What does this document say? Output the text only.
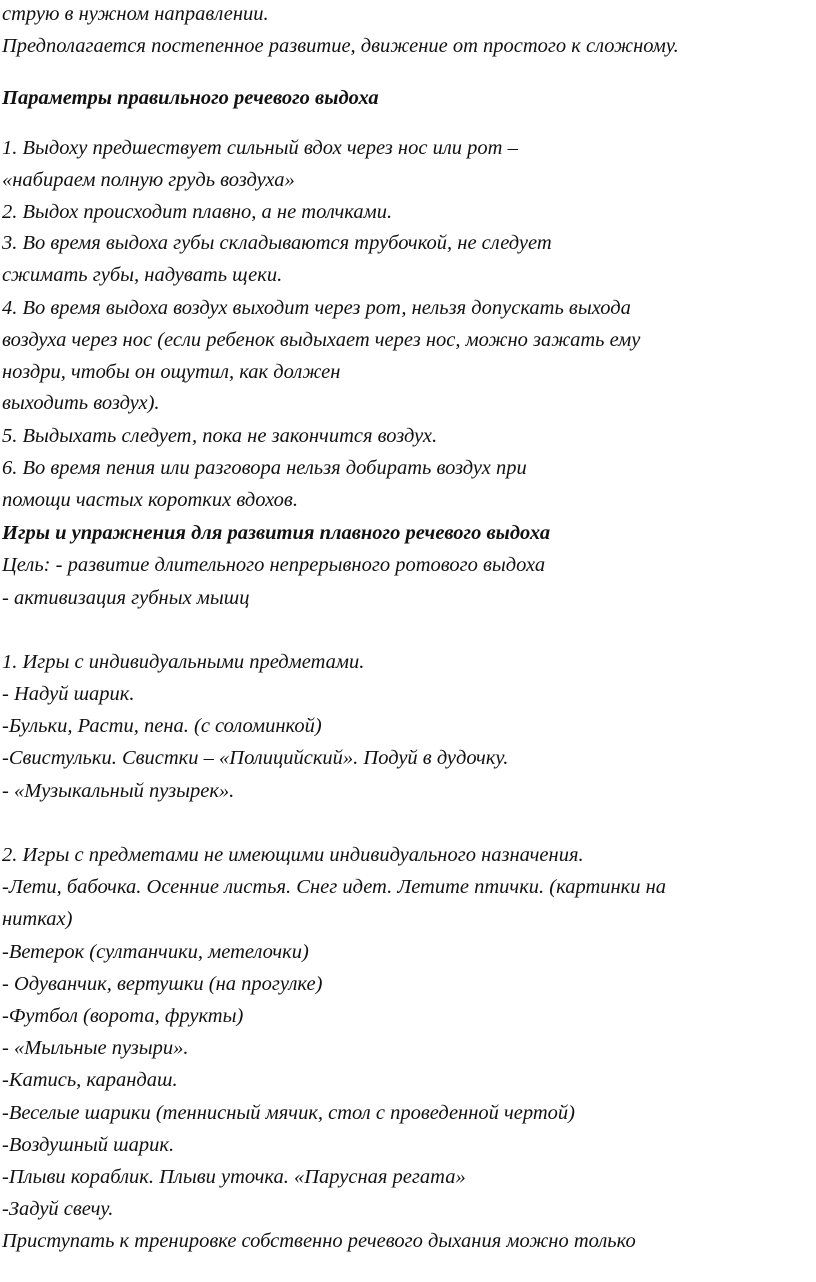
струю в нужном направлении.
Предполагается постепенное развитие, движение от простого к сложному.
Параметры правильного речевого выдоха
1. Выдоху предшествует сильный вдох через нос или рот –
«набираем полную грудь воздуха»
2. Выдох происходит плавно, а не толчками.
3. Во время выдоха губы складываются трубочкой, не следует
сжимать губы, надувать щеки.
4. Во время выдоха воздух выходит через рот, нельзя допускать выхода
воздуха через нос (если ребенок выдыхает через нос, можно зажать ему
ноздри, чтобы он ощутил, как должен
выходить воздух).
5. Выдыхать следует, пока не закончится воздух.
6. Во время пения или разговора нельзя добирать воздух при
помощи частых коротких вдохов.
Игры и упражнения для развития плавного речевого выдоха
Цель: - развитие длительного непрерывного ротового выдоха
- активизация губных мышц
1. Игры с индивидуальными предметами.
- Надуй шарик.
-Бульки, Расти, пена. (с соломинкой)
-Свистульки. Свистки – «Полицийский». Подуй в дудочку.
- «Музыкальный пузырек».
2. Игры с предметами не имеющими индивидуального назначения.
-Лети, бабочка. Осенние листья. Снег идет. Летите птички. (картинки на
нитках)
-Ветерок (султанчики, метелочки)
- Одуванчик, вертушки (на прогулке)
-Футбол (ворота, фрукты)
- «Мыльные пузыри».
-Катись, карандаш.
-Веселые шарики (теннисный мячик, стол с проведенной чертой)
-Воздушный шарик.
-Плыви кораблик. Плыви уточка. «Парусная регата»
-Задуй свечу.
Приступать к тренировке собственно речевого дыхания можно только
